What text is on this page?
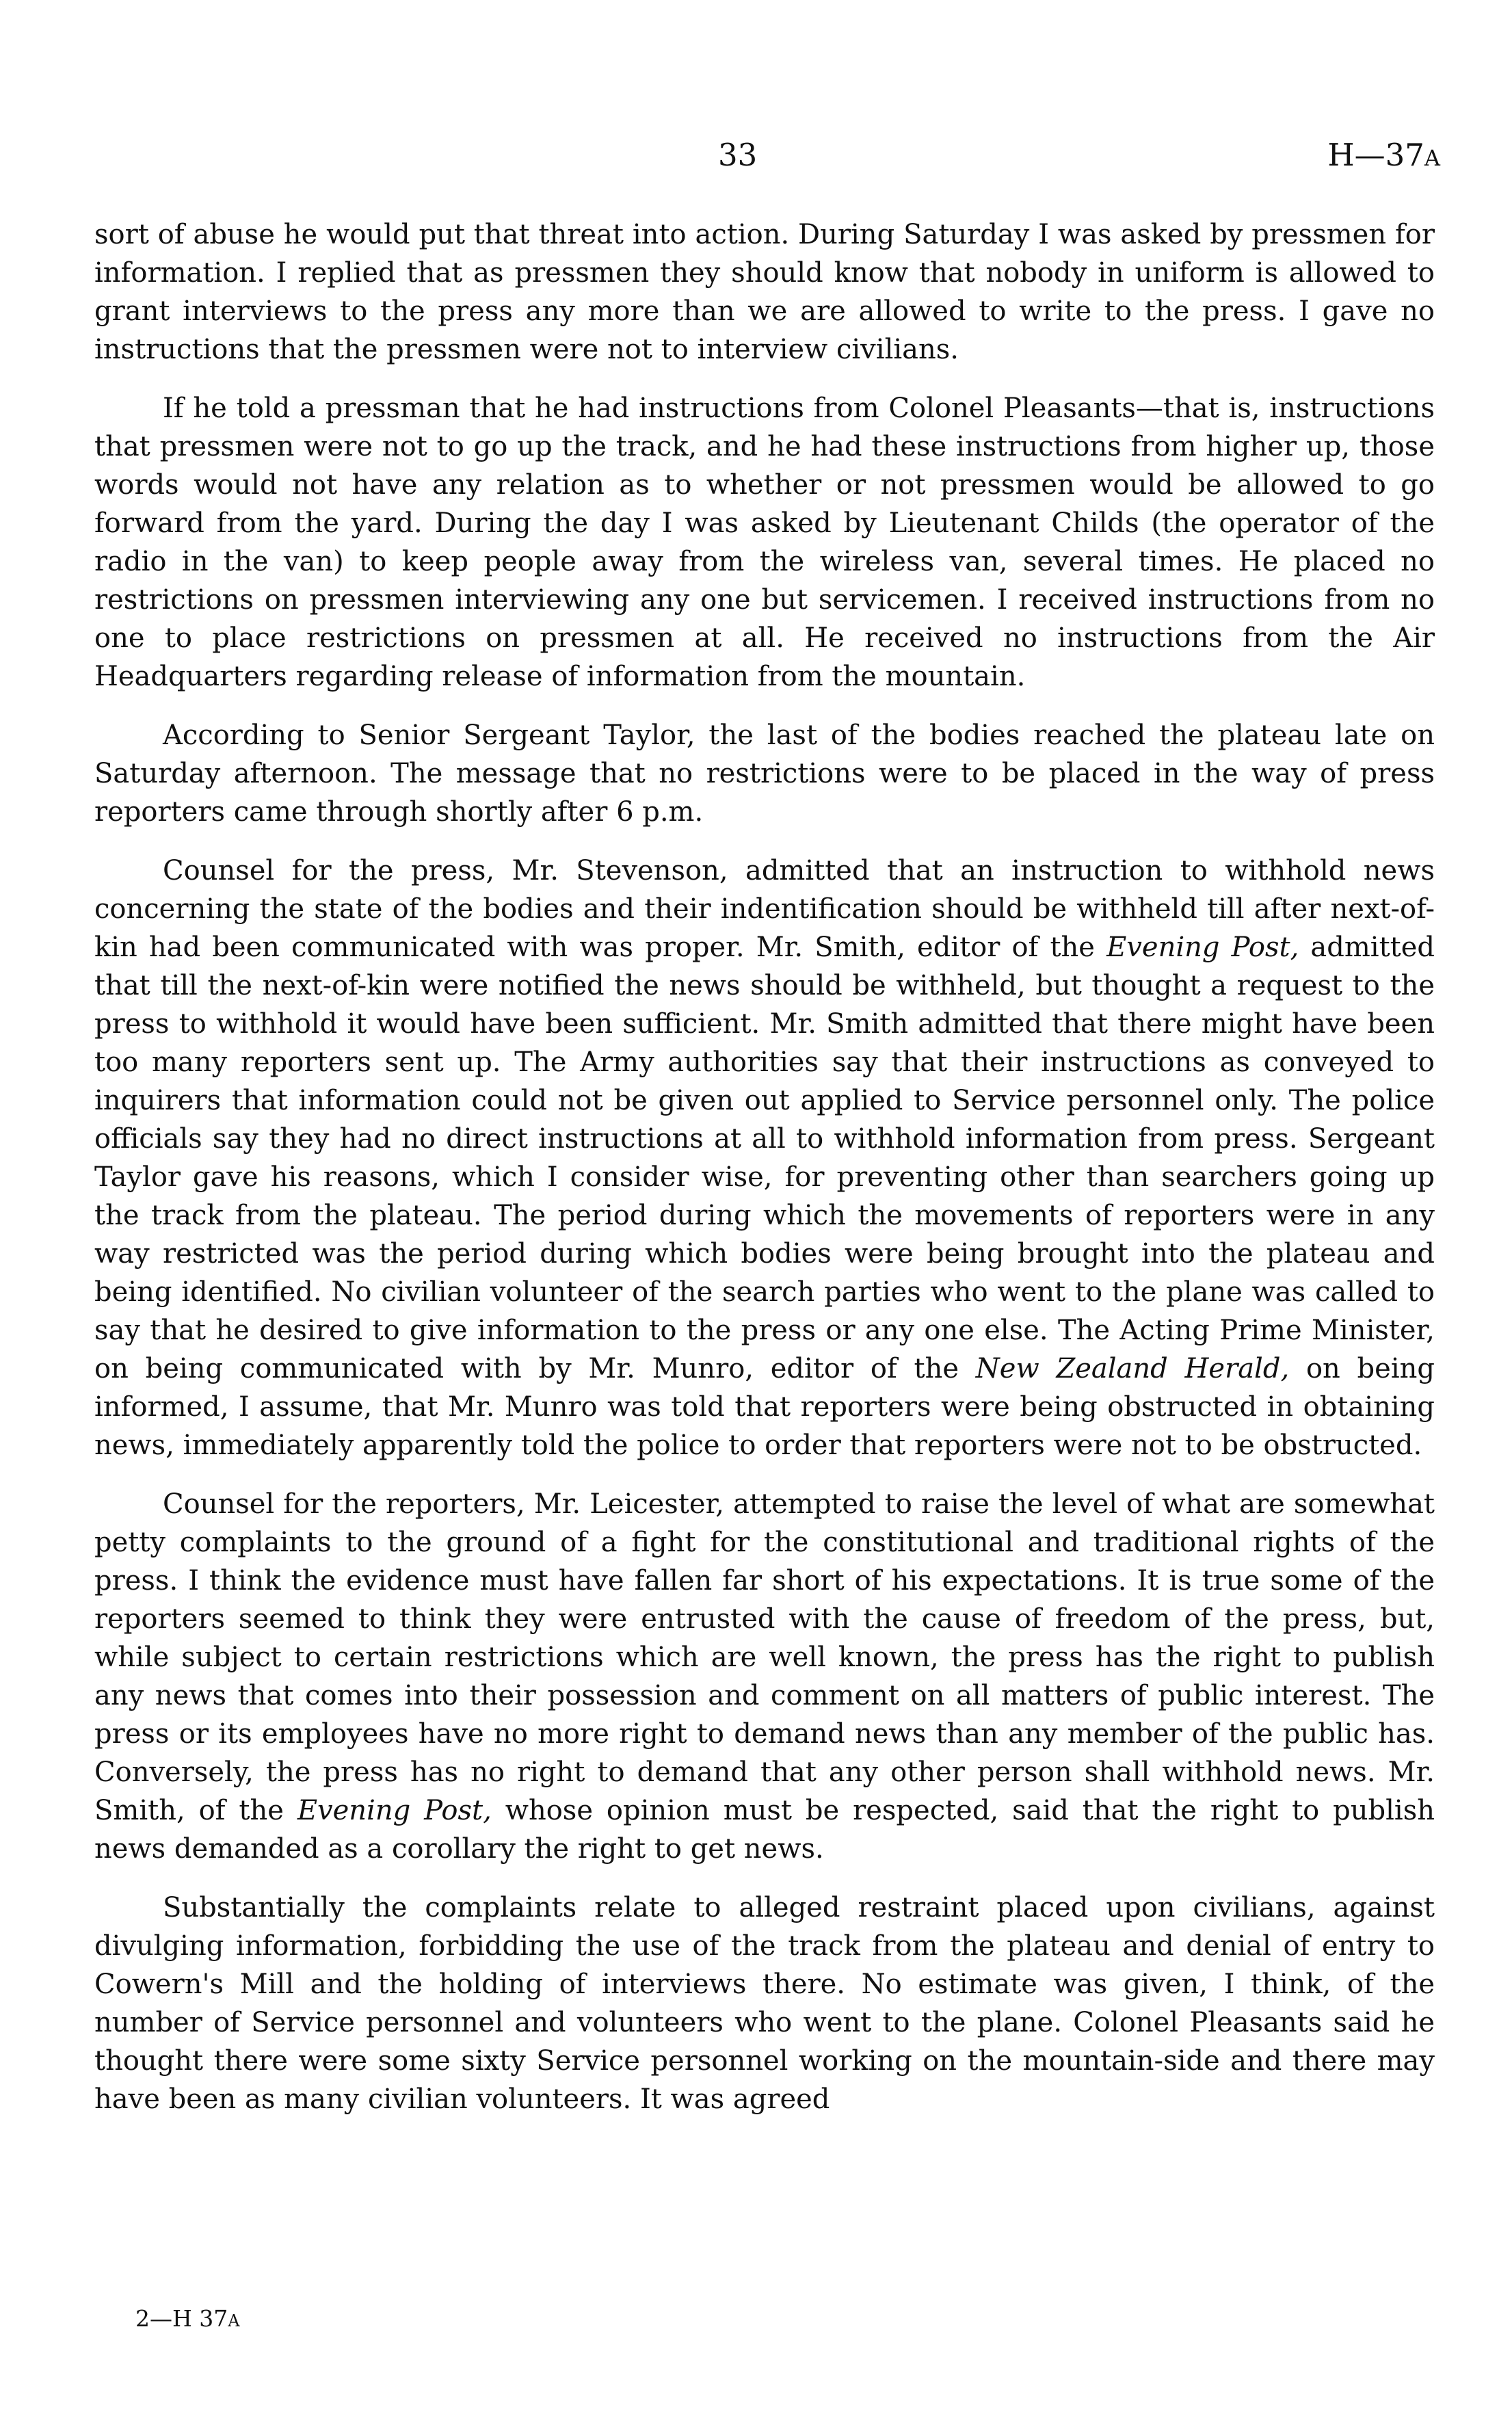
33	H—37A

sort of abuse he would put that threat into action. During Saturday I was asked by pressmen for information. I replied that as pressmen they should know that nobody in uniform is allowed to grant interviews to the press any more than we are allowed to write to the press. I gave no instructions that the pressmen were not to interview civilians.

If he told a pressman that he had instructions from Colonel Pleasants—that is, instructions that pressmen were not to go up the track, and he had these instructions from higher up, those words would not have any relation as to whether or not pressmen would be allowed to go forward from the yard. During the day I was asked by Lieutenant Childs (the operator of the radio in the van) to keep people away from the wireless van, several times. He placed no restrictions on pressmen interviewing any one but servicemen. I received instructions from no one to place restrictions on pressmen at all. He received no instructions from the Air Headquarters regarding release of information from the mountain.

According to Senior Sergeant Taylor, the last of the bodies reached the plateau late on Saturday afternoon. The message that no restrictions were to be placed in the way of press reporters came through shortly after 6 p.m.

Counsel for the press, Mr. Stevenson, admitted that an instruction to withhold news concerning the state of the bodies and their indentification should be withheld till after next-of-kin had been communicated with was proper. Mr. Smith, editor of the Evening Post, admitted that till the next-of-kin were notified the news should be withheld, but thought a request to the press to withhold it would have been sufficient. Mr. Smith admitted that there might have been too many reporters sent up. The Army authorities say that their instructions as conveyed to inquirers that information could not be given out applied to Service personnel only. The police officials say they had no direct instructions at all to withhold information from press. Sergeant Taylor gave his reasons, which I consider wise, for preventing other than searchers going up the track from the plateau. The period during which the movements of reporters were in any way restricted was the period during which bodies were being brought into the plateau and being identified. No civilian volunteer of the search parties who went to the plane was called to say that he desired to give information to the press or any one else. The Acting Prime Minister, on being communicated with by Mr. Munro, editor of the New Zealand Herald, on being informed, I assume, that Mr. Munro was told that reporters were being obstructed in obtaining news, immediately apparently told the police to order that reporters were not to be obstructed.

Counsel for the reporters, Mr. Leicester, attempted to raise the level of what are somewhat petty complaints to the ground of a fight for the constitutional and traditional rights of the press. I think the evidence must have fallen far short of his expectations. It is true some of the reporters seemed to think they were entrusted with the cause of freedom of the press, but, while subject to certain restrictions which are well known, the press has the right to publish any news that comes into their possession and comment on all matters of public interest. The press or its employees have no more right to demand news than any member of the public has. Conversely, the press has no right to demand that any other person shall withhold news. Mr. Smith, of the Evening Post, whose opinion must be respected, said that the right to publish news demanded as a corollary the right to get news.

Substantially the complaints relate to alleged restraint placed upon civilians, against divulging information, forbidding the use of the track from the plateau and denial of entry to Cowern's Mill and the holding of interviews there. No estimate was given, I think, of the number of Service personnel and volunteers who went to the plane. Colonel Pleasants said he thought there were some sixty Service personnel working on the mountain-side and there may have been as many civilian volunteers. It was agreed

2—H 37A
